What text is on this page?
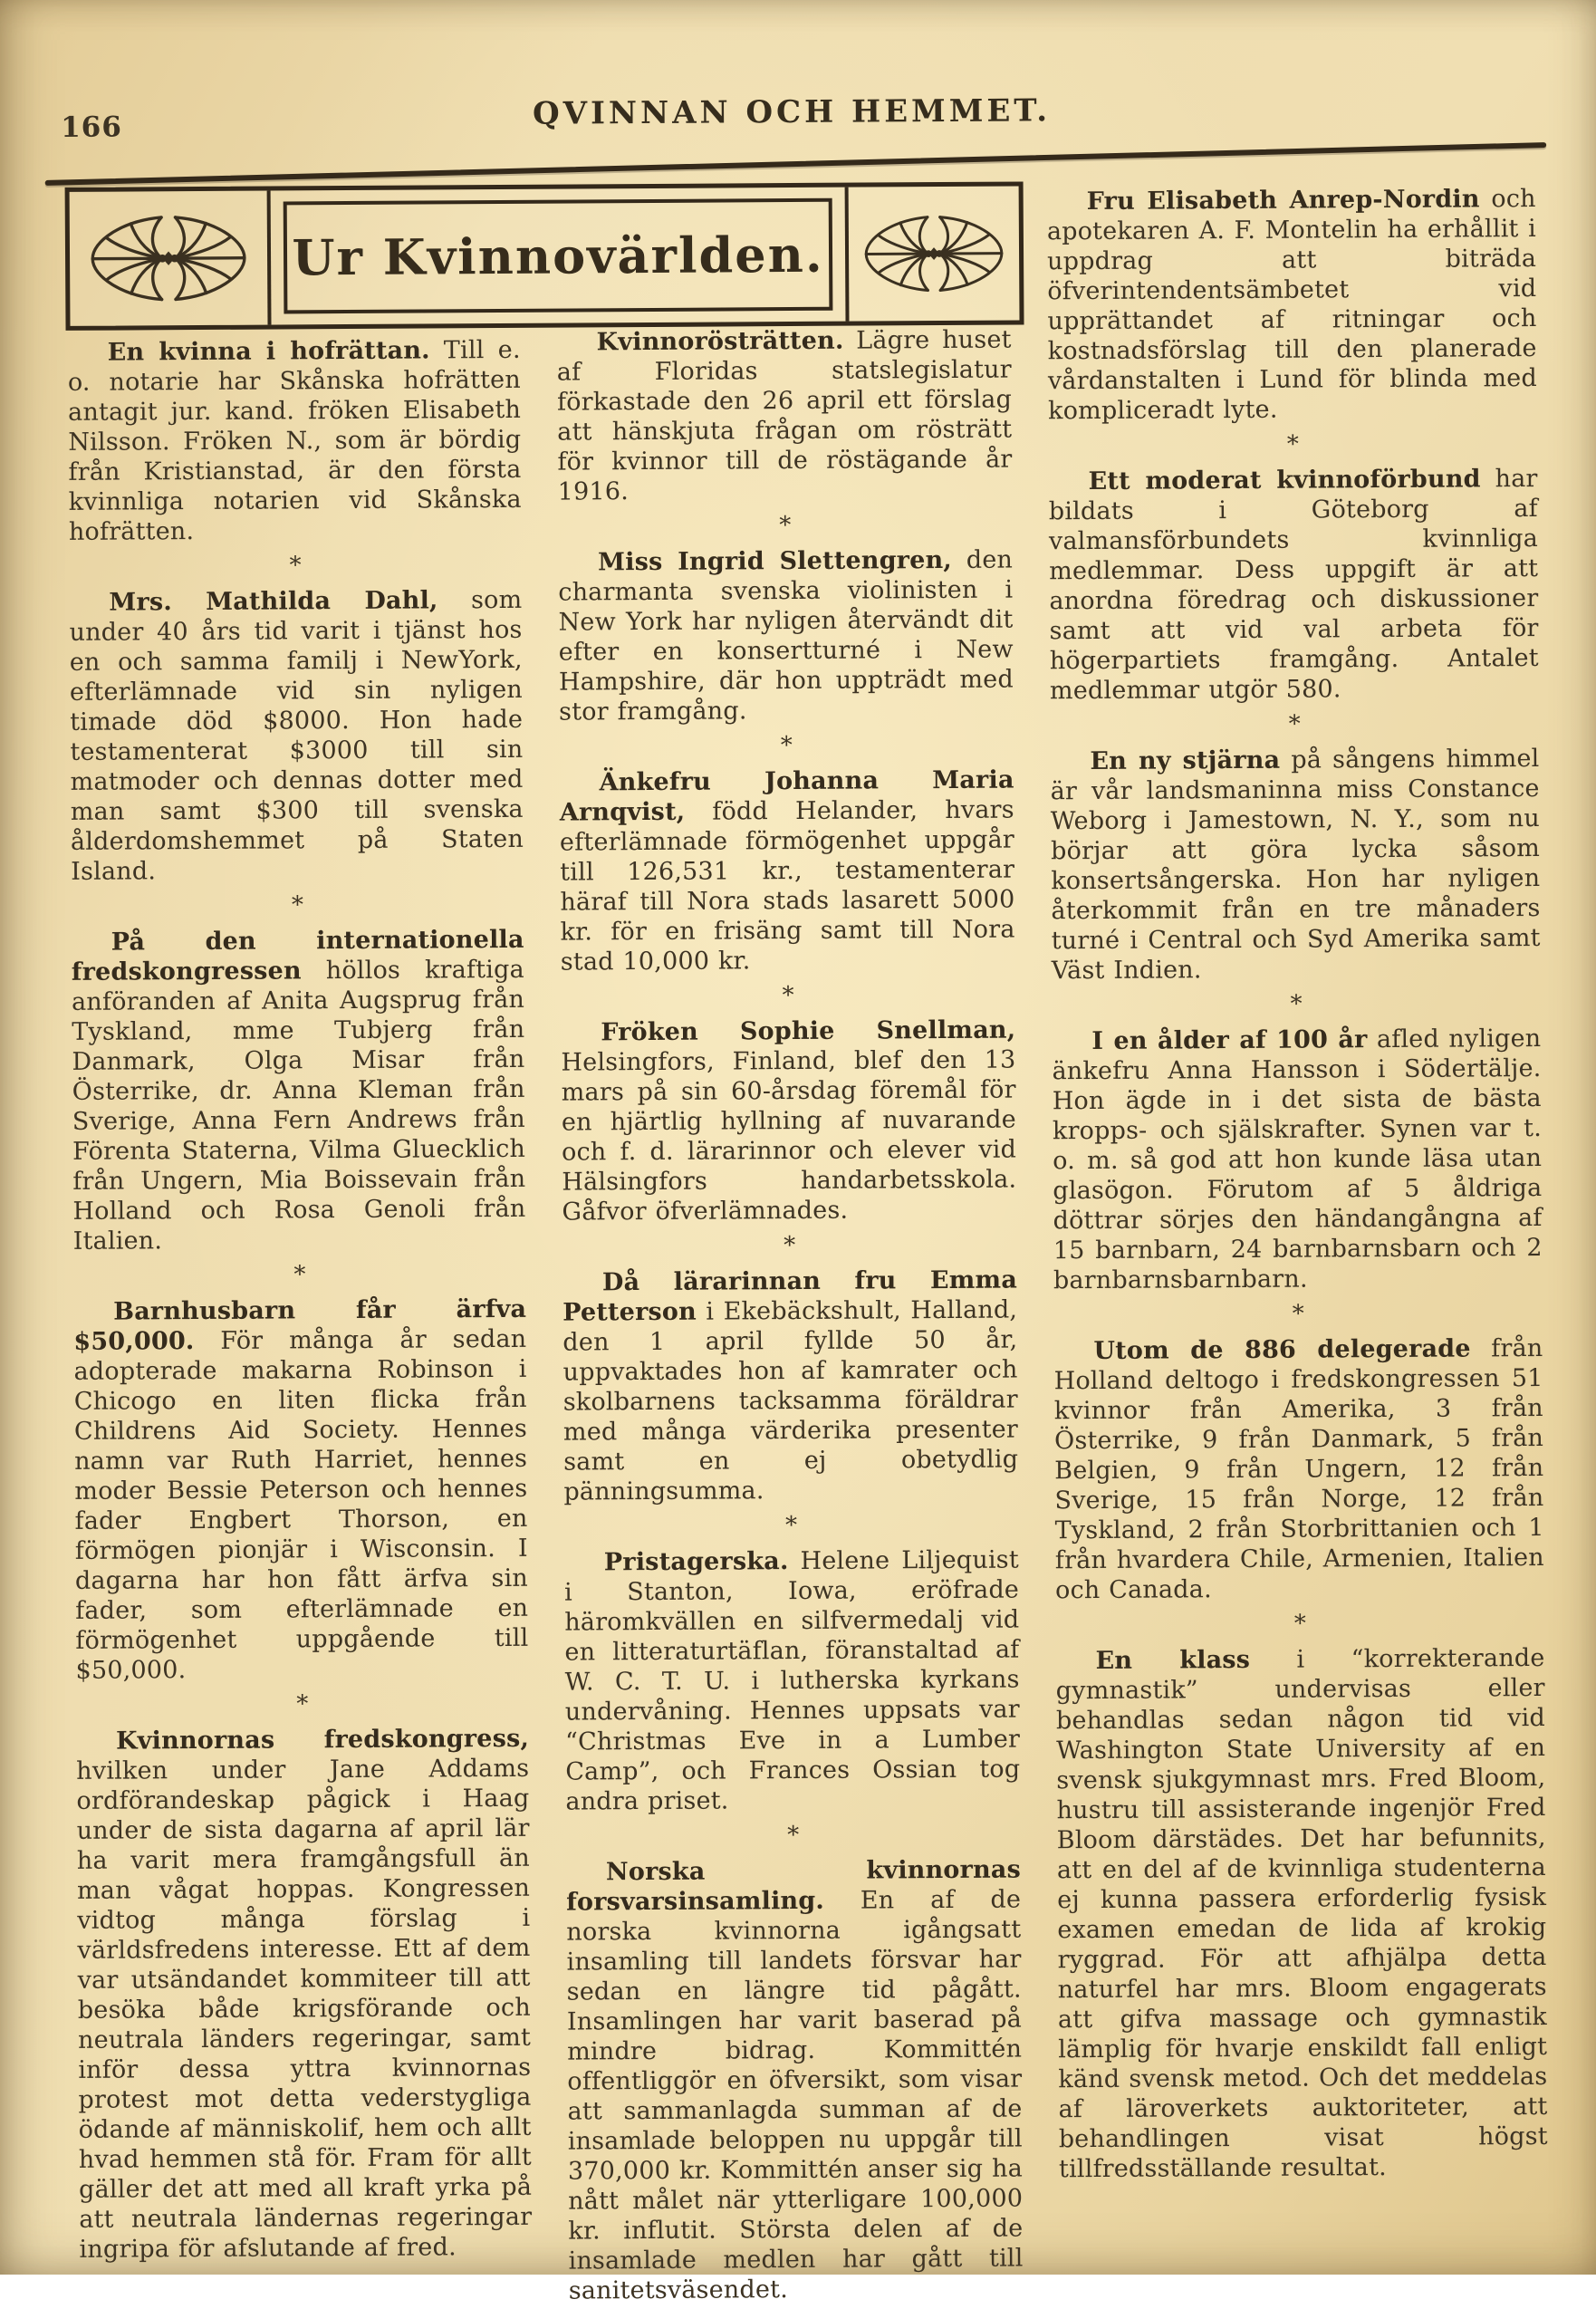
166	QVINNAN OCH HEMMET.
Ur Kvinnovärlden.

En kvinna i hofrättan. Till e. o. notarie har Skånska hofrätten antagit jur. kand. fröken Elisabeth Nilsson. Fröken N., som är bördig från Kristianstad, är den första kvinnliga notarien vid Skånska hofrätten.

*

Mrs. Mathilda Dahl, som under 40 års tid varit i tjänst hos en och samma familj i NewYork, efterlämnade vid sin nyligen timade död $8000. Hon hade testamenterat $3000 till sin matmoder och dennas dotter med man samt $300 till svenska ålderdomshemmet på Staten Island.

*

På den internationella fredskongressen höllos kraftiga anföranden af Anita Augsprug från Tyskland, mme Tubjerg från Danmark, Olga Misar från Österrike, dr. Anna Kleman från Sverige, Anna Fern Andrews från Förenta Staterna, Vilma Gluecklich från Ungern, Mia Boissevain från Holland och Rosa Genoli från Italien.

*

Barnhusbarn får ärfva $50,000. För många år sedan adopterade makarna Robinson i Chicogo en liten flicka från Childrens Aid Society. Hennes namn var Ruth Harriet, hennes moder Bessie Peterson och hennes fader Engbert Thorson, en förmögen pionjär i Wisconsin. I dagarna har hon fått ärfva sin fader, som efterlämnade en förmögenhet uppgående till $50,000.

*

Kvinnornas fredskongress, hvilken under Jane Addams ordförandeskap pågick i Haag under de sista dagarna af april lär ha varit mera framgångsfull än man vågat hoppas. Kongressen vidtog många förslag i världsfredens interesse. Ett af dem var utsändandet kommiteer till att besöka både krigsförande och neutrala länders regeringar, samt inför dessa yttra kvinnornas protest mot detta vederstygliga ödande af människolif, hem och allt hvad hemmen stå för. Fram för allt gäller det att med all kraft yrka på att neutrala ländernas regeringar ingripa för afslutande af fred.

Kvinnorösträtten. Lägre huset af Floridas statslegislatur förkastade den 26 april ett förslag att hänskjuta frågan om rösträtt för kvinnor till de röstägande år 1916.

*

Miss Ingrid Slettengren, den charmanta svenska violinisten i New York har nyligen återvändt dit efter en konsertturné i New Hampshire, där hon uppträdt med stor framgång.

*

Änkefru Johanna Maria Arnqvist, född Helander, hvars efterlämnade förmögenhet uppgår till 126,531 kr., testamenterar häraf till Nora stads lasarett 5000 kr. för en frisäng samt till Nora stad 10,000 kr.

*

Fröken Sophie Snellman, Helsingfors, Finland, blef den 13 mars på sin 60-årsdag föremål för en hjärtlig hyllning af nuvarande och f. d. lärarinnor och elever vid Hälsingfors handarbetsskola. Gåfvor öfverlämnades.

*

Då lärarinnan fru Emma Petterson i Ekebäckshult, Halland, den 1 april fyllde 50 år, uppvaktades hon af kamrater och skolbarnens tacksamma föräldrar med många värderika presenter samt en ej obetydlig pänningsumma.

*

Pristagerska. Helene Liljequist i Stanton, Iowa, eröfrade häromkvällen en silfvermedalj vid en litteraturtäflan, föranstaltad af W. C. T. U. i lutherska kyrkans undervåning. Hennes uppsats var “Christmas Eve in a Lumber Camp”, och Frances Ossian tog andra priset.

*

Norska kvinnornas forsvarsinsamling. En af de norska kvinnorna igångsatt insamling till landets försvar har sedan en längre tid pågått. Insamlingen har varit baserad på mindre bidrag. Kommittén offentliggör en öfversikt, som visar att sammanlagda summan af de insamlade beloppen nu uppgår till 370,000 kr. Kommittén anser sig ha nått målet när ytterligare 100,000 kr. influtit. Största delen af de insamlade medlen har gått till sanitetsväsendet.

Fru Elisabeth Anrep-Nordin och apotekaren A. F. Montelin ha erhållit i uppdrag att biträda öfverintendentsämbetet vid upprättandet af ritningar och kostnadsförslag till den planerade vårdanstalten i Lund för blinda med kompliceradt lyte.

*

Ett moderat kvinnoförbund har bildats i Göteborg af valmansförbundets kvinnliga medlemmar. Dess uppgift är att anordna föredrag och diskussioner samt att vid val arbeta för högerpartiets framgång. Antalet medlemmar utgör 580.

*

En ny stjärna på sångens himmel är vår landsmaninna miss Constance Weborg i Jamestown, N. Y., som nu börjar att göra lycka såsom konsertsångerska. Hon har nyligen återkommit från en tre månaders turné i Central och Syd Amerika samt Väst Indien.

*

I en ålder af 100 år afled nyligen änkefru Anna Hansson i Södertälje. Hon ägde in i det sista de bästa kropps- och själskrafter. Synen var t. o. m. så god att hon kunde läsa utan glasögon. Förutom af 5 åldriga döttrar sörjes den händangångna af 15 barnbarn, 24 barnbarnsbarn och 2 barnbarnsbarnbarn.

*

Utom de 886 delegerade från Holland deltogo i fredskongressen 51 kvinnor från Amerika, 3 från Österrike, 9 från Danmark, 5 från Belgien, 9 från Ungern, 12 från Sverige, 15 från Norge, 12 från Tyskland, 2 från Storbrittanien och 1 från hvardera Chile, Armenien, Italien och Canada.

*

En klass i “korrekterande gymnastik” undervisas eller behandlas sedan någon tid vid Washington State University af en svensk sjukgymnast mrs. Fred Bloom, hustru till assisterande ingenjör Fred Bloom därstädes. Det har befunnits, att en del af de kvinnliga studenterna ej kunna passera erforderlig fysisk examen emedan de lida af krokig ryggrad. För att afhjälpa detta naturfel har mrs. Bloom engagerats att gifva massage och gymnastik lämplig för hvarje enskildt fall enligt känd svensk metod. Och det meddelas af läroverkets auktoriteter, att behandlingen visat högst tillfredsställande resultat.
